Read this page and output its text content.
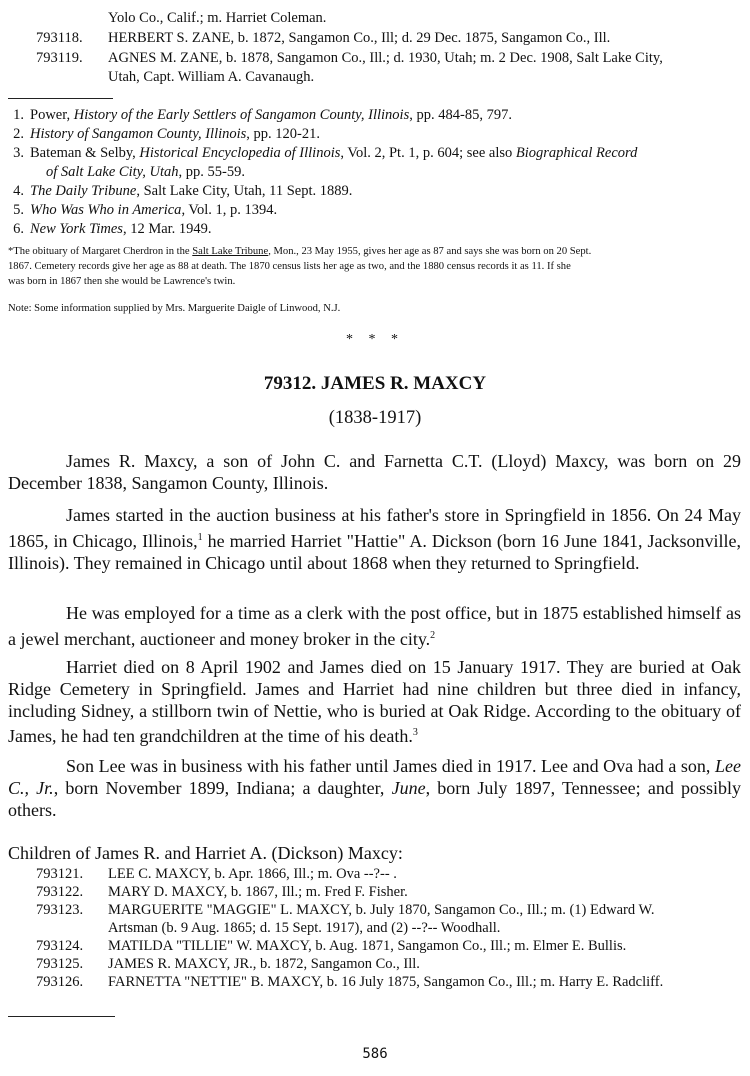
Yolo Co., Calif.; m. Harriet Coleman.
793118.	HERBERT S. ZANE, b. 1872, Sangamon Co., Ill; d. 29 Dec. 1875, Sangamon Co., Ill.
793119.	AGNES M. ZANE, b. 1878, Sangamon Co., Ill.; d. 1930, Utah; m. 2 Dec. 1908, Salt Lake City,
Utah, Capt. William A. Cavanaugh.
1. Power, History of the Early Settlers of Sangamon County, Illinois, pp. 484-85, 797.
2. History of Sangamon County, Illinois, pp. 120-21.
3. Bateman & Selby, Historical Encyclopedia of Illinois, Vol. 2, Pt. 1, p. 604; see also Biographical Record
of Salt Lake City, Utah, pp. 55-59.
4. The Daily Tribune, Salt Lake City, Utah, 11 Sept. 1889.
5. Who Was Who in America, Vol. 1, p. 1394.
6. New York Times, 12 Mar. 1949.
*The obituary of Margaret Cherdron in the Salt Lake Tribune, Mon., 23 May 1955, gives her age as 87 and says she was born on 20 Sept.
1867. Cemetery records give her age as 88 at death. The 1870 census lists her age as two, and the 1880 census records it as 11. If she
was born in 1867 then she would be Lawrence's twin.
Note: Some information supplied by Mrs. Marguerite Daigle of Linwood, N.J.
* * *
79312. JAMES R. MAXCY
(1838-1917)
James R. Maxcy, a son of John C. and Farnetta C.T. (Lloyd) Maxcy, was born on 29 December 1838, Sangamon County, Illinois.
James started in the auction business at his father's store in Springfield in 1856. On 24 May 1865, in Chicago, Illinois,$^1$ he married Harriet "Hattie" A. Dickson (born 16 June 1841, Jacksonville, Illinois). They remained in Chicago until about 1868 when they returned to Springfield.
He was employed for a time as a clerk with the post office, but in 1875 established himself as a jewel merchant, auctioneer and money broker in the city.$^2$
Harriet died on 8 April 1902 and James died on 15 January 1917. They are buried at Oak Ridge Cemetery in Springfield. James and Harriet had nine children but three died in infancy, including Sidney, a stillborn twin of Nettie, who is buried at Oak Ridge. According to the obituary of James, he had ten grandchildren at the time of his death.$^3$
Son Lee was in business with his father until James died in 1917. Lee and Ova had a son, Lee C., Jr., born November 1899, Indiana; a daughter, June, born July 1897, Tennessee; and possibly others.
Children of James R. and Harriet A. (Dickson) Maxcy:
793121.	LEE C. MAXCY, b. Apr. 1866, Ill.; m. Ova --?-- .
793122.	MARY D. MAXCY, b. 1867, Ill.; m. Fred F. Fisher.
793123.	MARGUERITE "MAGGIE" L. MAXCY, b. July 1870, Sangamon Co., Ill.; m. (1) Edward W.
Artsman (b. 9 Aug. 1865; d. 15 Sept. 1917), and (2) --?-- Woodhall.
793124.	MATILDA "TILLIE" W. MAXCY, b. Aug. 1871, Sangamon Co., Ill.; m. Elmer E. Bullis.
793125.	JAMES R. MAXCY, JR., b. 1872, Sangamon Co., Ill.
793126.	FARNETTA "NETTIE" B. MAXCY, b. 16 July 1875, Sangamon Co., Ill.; m. Harry E. Radcliff.
586
